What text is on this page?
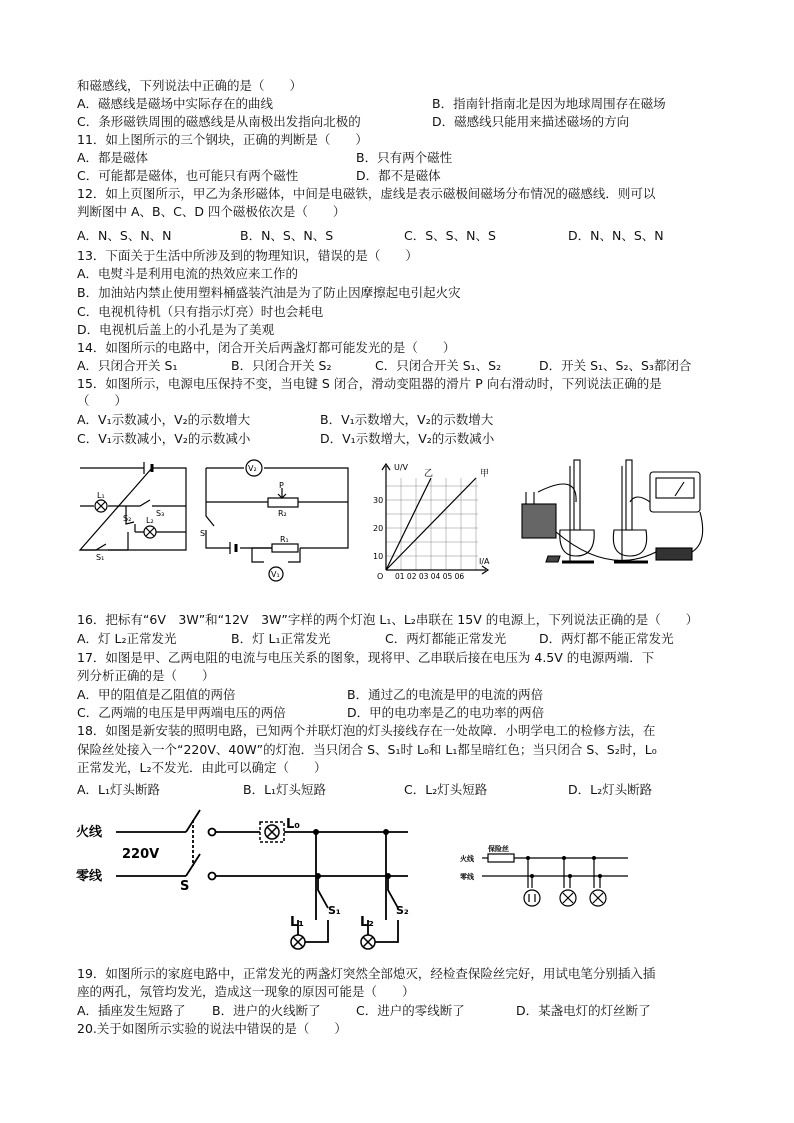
和磁感线，下列说法中正确的是（　　）
A．磁感线是磁场中实际存在的曲线	B．指南针指南北是因为地球周围存在磁场
C．条形磁铁周围的磁感线是从南极出发指向北极的	D．磁感线只能用来描述磁场的方向
11．如上图所示的三个钢块，正确的判断是（　　）
A．都是磁体	B．只有两个磁性
C．可能都是磁体，也可能只有两个磁性	D．都不是磁体
12．如上页图所示，甲乙为条形磁体，中间是电磁铁，虚线是表示磁极间磁场分布情况的磁感线．则可以
判断图中 A、B、C、D 四个磁极依次是（　　）
A．N、S、N、N	B．N、S、N、S	C．S、S、N、S	D．N、N、S、N
13．下面关于生活中所涉及到的物理知识，错误的是（　　）
A．电熨斗是利用电流的热效应来工作的
B．加油站内禁止使用塑料桶盛装汽油是为了防止因摩擦起电引起火灾
C．电视机待机（只有指示灯亮）时也会耗电
D．电视机后盖上的小孔是为了美观
14．如图所示的电路中，闭合开关后两盏灯都可能发光的是（　　）
A．只闭合开关 S₁	B．只闭合开关 S₂	C．只闭合开关 S₁、S₂	D．开关 S₁、S₂、S₃都闭合
15．如图所示，电源电压保持不变，当电键 S 闭合，滑动变阻器的滑片 P 向右滑动时，下列说法正确的是
（　　）
A．V₁示数减小，V₂的示数增大	B．V₁示数增大，V₂的示数增大
C．V₁示数减小，V₂的示数减小	D．V₁示数增大，V₂的示数减小
L₁
L₂
S₃
S₂
S₁
V₂
V₁
P
R₂
R₁
S
U/V
10
20
30
O 01 02 03 04 05 06
I/A
乙	甲
16．把标有“6V　3W”和“12V　3W”字样的两个灯泡 L₁、L₂串联在 15V 的电源上，下列说法正确的是（　　）
A．灯 L₂正常发光	B．灯 L₁正常发光	C．两灯都能正常发光	D．两灯都不能正常发光
17．如图是甲、乙两电阻的电流与电压关系的图象，现将甲、乙串联后接在电压为 4.5V 的电源两端．下
列分析正确的是（　　）
A．甲的阻值是乙阻值的两倍	B．通过乙的电流是甲的电流的两倍
C．乙两端的电压是甲两端电压的两倍	D．甲的电功率是乙的电功率的两倍
18．如图是新安装的照明电路，已知两个并联灯泡的灯头接线存在一处故障．小明学电工的检修方法，在
保险丝处接入一个“220V、40W”的灯泡．当只闭合 S、S₁时 L₀和 L₁都呈暗红色；当只闭合 S、S₂时，L₀
正常发光，L₂不发光．由此可以确定（　　）
A．L₁灯头断路	B．L₁灯头短路	C．L₂灯头短路	D．L₂灯头断路
火线
零线
220V
S
L₀
L₁	L₂
S₁	S₂
火线
保险丝
零线
19．如图所示的家庭电路中，正常发光的两盏灯突然全部熄灭，经检查保险丝完好，用试电笔分别插入插
座的两孔，氖管均发光，造成这一现象的原因可能是（　　）
A．插座发生短路了 B．进户的火线断了	C．进户的零线断了	D．某盏电灯的灯丝断了
20.关于如图所示实验的说法中错误的是（　　）
